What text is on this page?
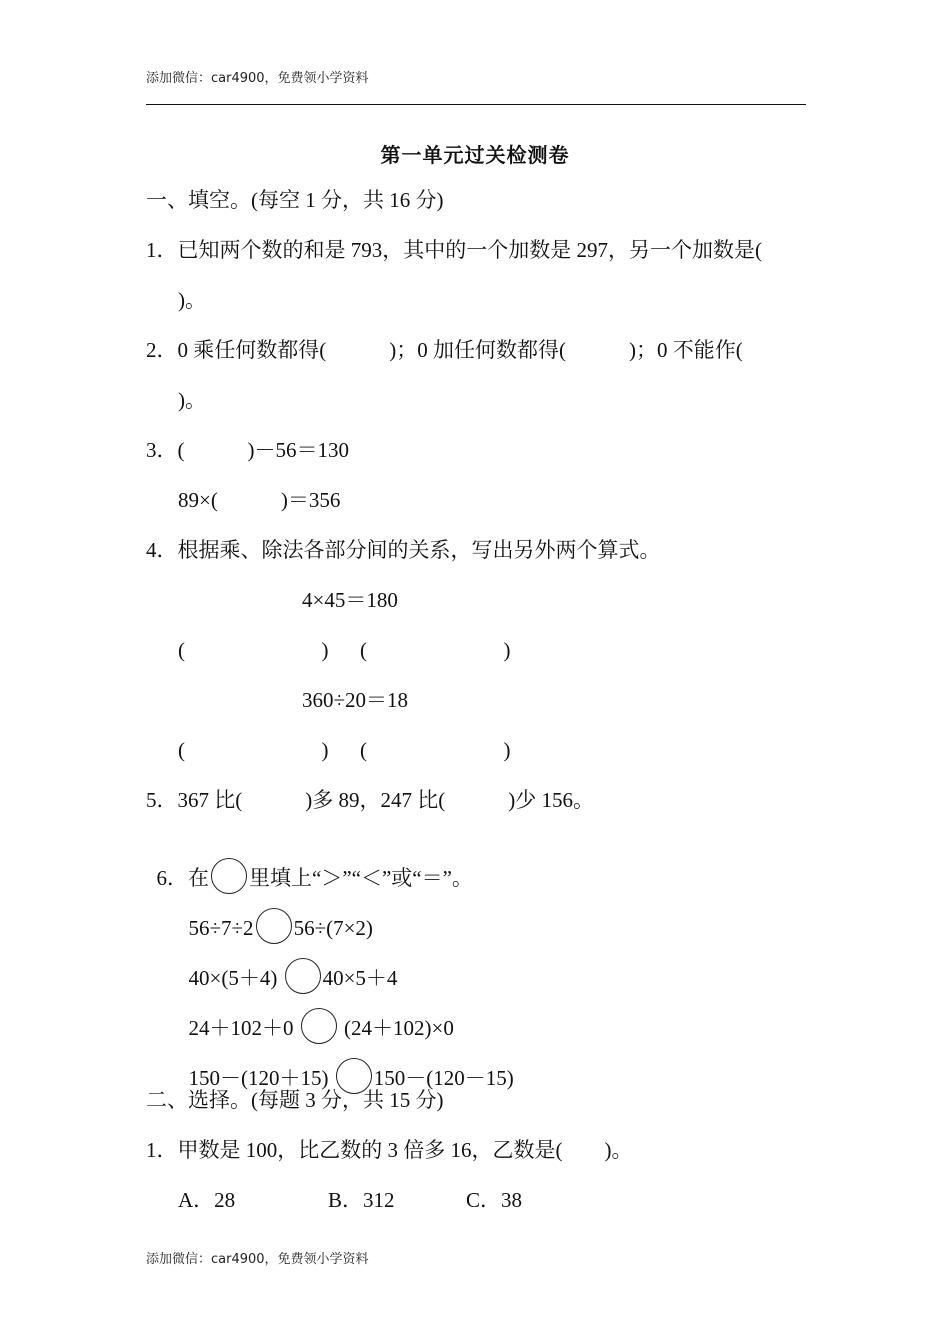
添加微信：car4900，免费领小学资料
第一单元过关检测卷
一、填空。(每空 1 分，共 16 分)
1．已知两个数的和是 793，其中的一个加数是 297，另一个加数是(
)。
2．0 乘任何数都得(            )；0 加任何数都得(            )；0 不能作(
)。
3．(            )－56＝130
89×(            )＝356
4．根据乘、除法各部分间的关系，写出另外两个算式。
4×45＝180
(                          ) (                          )
360÷20＝18
(                          ) (                          )
5．367 比(            )多 89，247 比(            )少 156。

6．在 里填上“＞”“＜”或“＝”。

56÷7÷2 56÷(7×2)

40×(5＋4) 40×5＋4

24＋102＋0 (24＋102)×0

150－(120＋15) 150－(120－15)

二、选择。(每题 3 分，共 15 分)
1．甲数是 100，比乙数的 3 倍多 16，乙数是(        )。
A．28	B．312	C．38
添加微信：car4900，免费领小学资料
